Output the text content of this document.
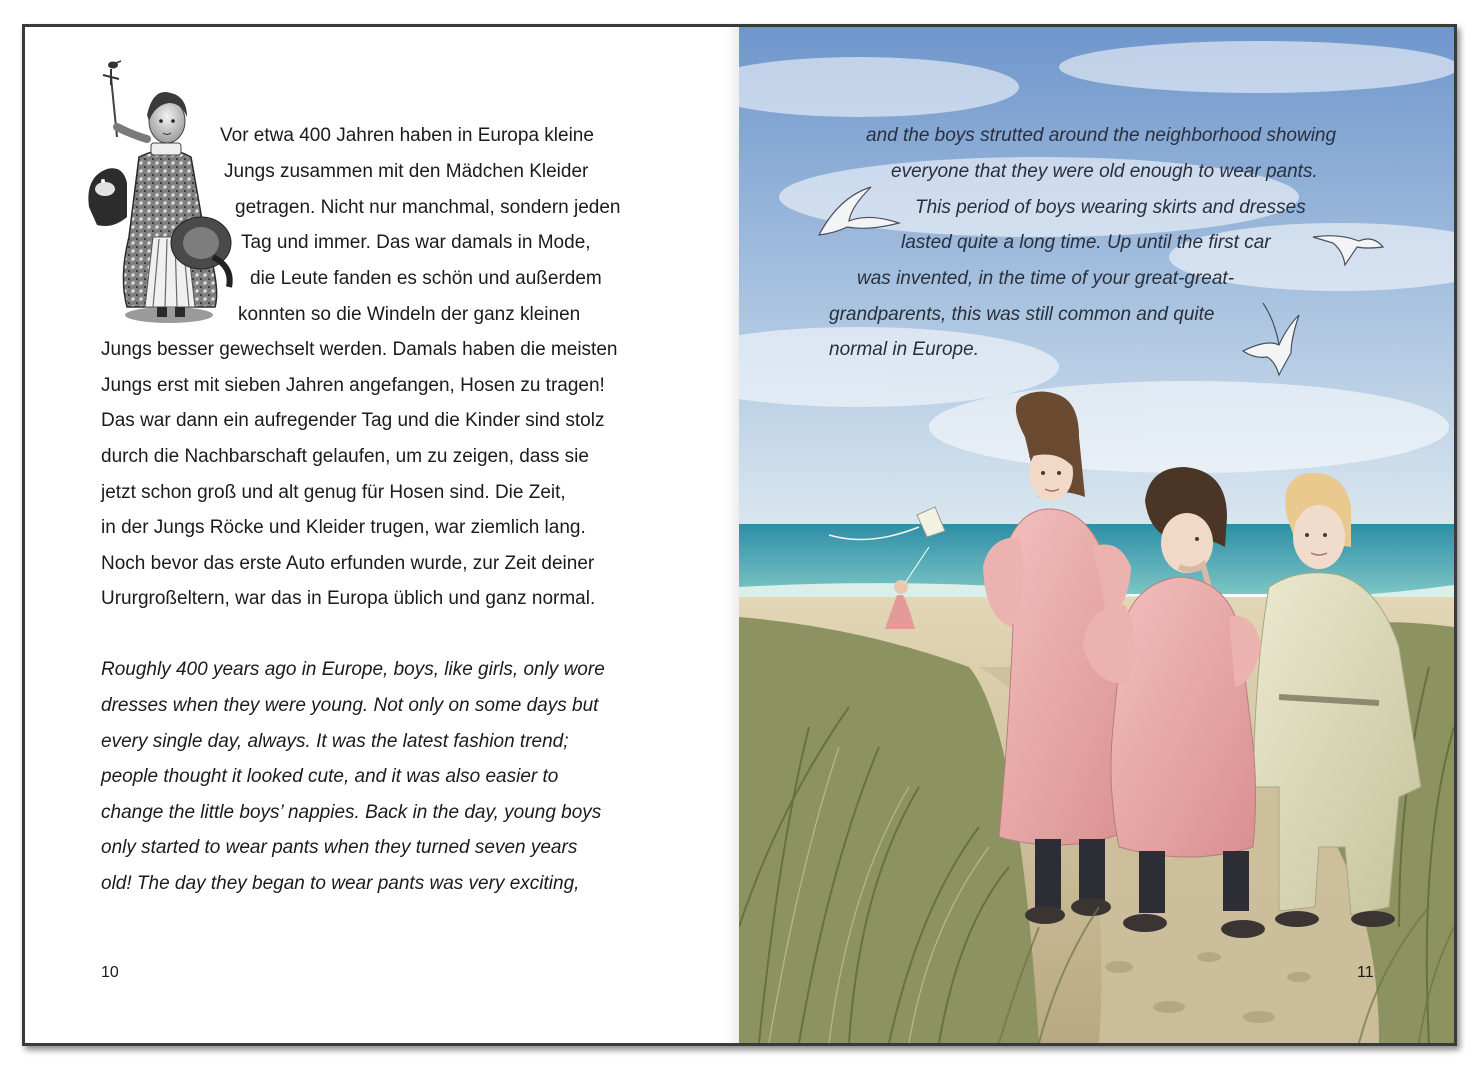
Vor etwa 400 Jahren haben in Europa kleine
Jungs zusammen mit den Mädchen Kleider
getragen. Nicht nur manchmal, sondern jeden
Tag und immer. Das war damals in Mode,
die Leute fanden es schön und außerdem
konnten so die Windeln der ganz kleinen
Jungs besser gewechselt werden. Damals haben die meisten
Jungs erst mit sieben Jahren angefangen, Hosen zu tragen!
Das war dann ein aufregender Tag und die Kinder sind stolz
durch die Nachbarschaft gelaufen, um zu zeigen, dass sie
jetzt schon groß und alt genug für Hosen sind. Die Zeit,
in der Jungs Röcke und Kleider trugen, war ziemlich lang.
Noch bevor das erste Auto erfunden wurde, zur Zeit deiner
Ururgroßeltern, war das in Europa üblich und ganz normal.
Roughly 400 years ago in Europe, boys, like girls, only wore
dresses when they were young. Not only on some days but
every single day, always. It was the latest fashion trend;
people thought it looked cute, and it was also easier to
change the little boys’ nappies. Back in the day, young boys
only started to wear pants when they turned seven years
old! The day they began to wear pants was very exciting,
10
and the boys strutted around the neighborhood showing
everyone that they were old enough to wear pants.
This period of boys wearing skirts and dresses
lasted quite a long time. Up until the first car
was invented, in the time of your great-great-
grandparents, this was still common and quite
normal in Europe.
11
